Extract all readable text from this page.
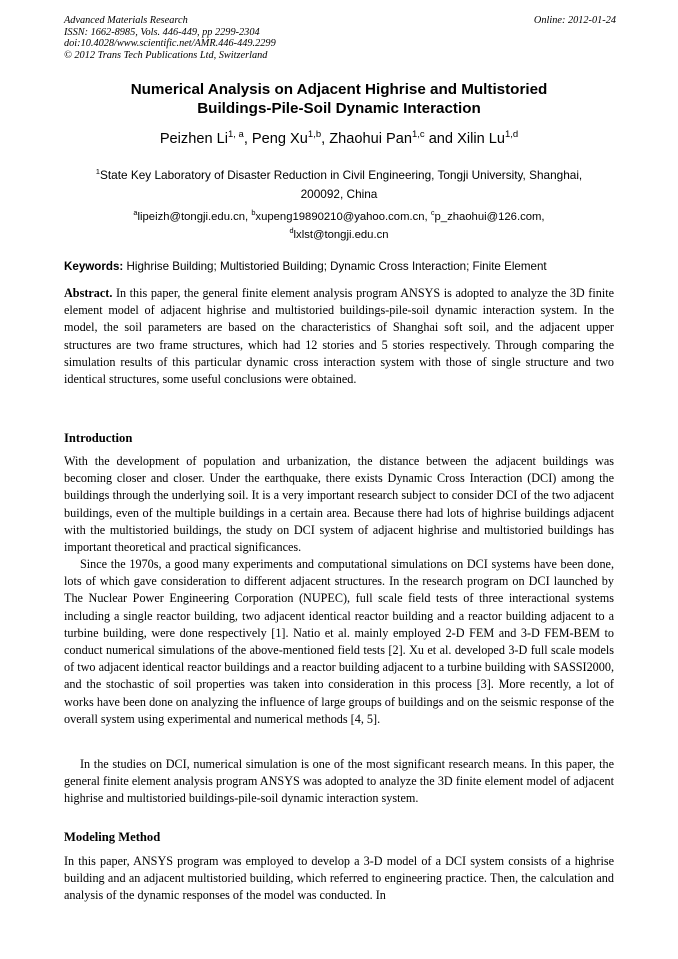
Advanced Materials Research
ISSN: 1662-8985, Vols. 446-449, pp 2299-2304
doi:10.4028/www.scientific.net/AMR.446-449.2299
© 2012 Trans Tech Publications Ltd, Switzerland
Online: 2012-01-24
Numerical Analysis on Adjacent Highrise and Multistoried
Buildings-Pile-Soil Dynamic Interaction
Peizhen Li$^{1, a}$, Peng Xu$^{1,b}$, Zhaohui Pan$^{1,c}$ and Xilin Lu$^{1,d}$
$^1$State Key Laboratory of Disaster Reduction in Civil Engineering, Tongji University, Shanghai,
200092, China
$^a$lipeizh@tongji.edu.cn, $^b$xupeng19890210@yahoo.com.cn, $^c$p_zhaohui@126.com,
$^d$lxlst@tongji.edu.cn
Keywords: Highrise Building; Multistoried Building; Dynamic Cross Interaction; Finite Element
Abstract. In this paper, the general finite element analysis program ANSYS is adopted to analyze the 3D finite element model of adjacent highrise and multistoried buildings-pile-soil dynamic interaction system. In the model, the soil parameters are based on the characteristics of Shanghai soft soil, and the adjacent upper structures are two frame structures, which had 12 stories and 5 stories respectively. Through comparing the simulation results of this particular dynamic cross interaction system with those of single structure and two identical structures, some useful conclusions were obtained.
Introduction
With the development of population and urbanization, the distance between the adjacent buildings was becoming closer and closer. Under the earthquake, there exists Dynamic Cross Interaction (DCI) among the buildings through the underlying soil. It is a very important research subject to consider DCI of the two adjacent buildings, even of the multiple buildings in a certain area. Because there had lots of highrise buildings adjacent with the multistoried buildings, the study on DCI system of adjacent highrise and multistoried buildings has important theoretical and practical significances.
Since the 1970s, a good many experiments and computational simulations on DCI systems have been done, lots of which gave consideration to different adjacent structures. In the research program on DCI launched by The Nuclear Power Engineering Corporation (NUPEC), full scale field tests of three interactional systems including a single reactor building, two adjacent identical reactor building and a reactor building adjacent to a turbine building, were done respectively [1]. Natio et al. mainly employed 2-D FEM and 3-D FEM-BEM to conduct numerical simulations of the above-mentioned field tests [2]. Xu et al. developed 3-D full scale models of two adjacent identical reactor buildings and a reactor building adjacent to a turbine building with SASSI2000, and the stochastic of soil properties was taken into consideration in this process [3]. More recently, a lot of works have been done on analyzing the influence of large groups of buildings and on the seismic response of the overall system using experimental and numerical methods [4, 5].
In the studies on DCI, numerical simulation is one of the most significant research means. In this paper, the general finite element analysis program ANSYS was adopted to analyze the 3D finite element model of adjacent highrise and multistoried buildings-pile-soil dynamic interaction system.
Modeling Method
In this paper, ANSYS program was employed to develop a 3-D model of a DCI system consists of a highrise building and an adjacent multistoried building, which referred to engineering practice. Then, the calculation and analysis of the dynamic responses of the model was conducted. In
